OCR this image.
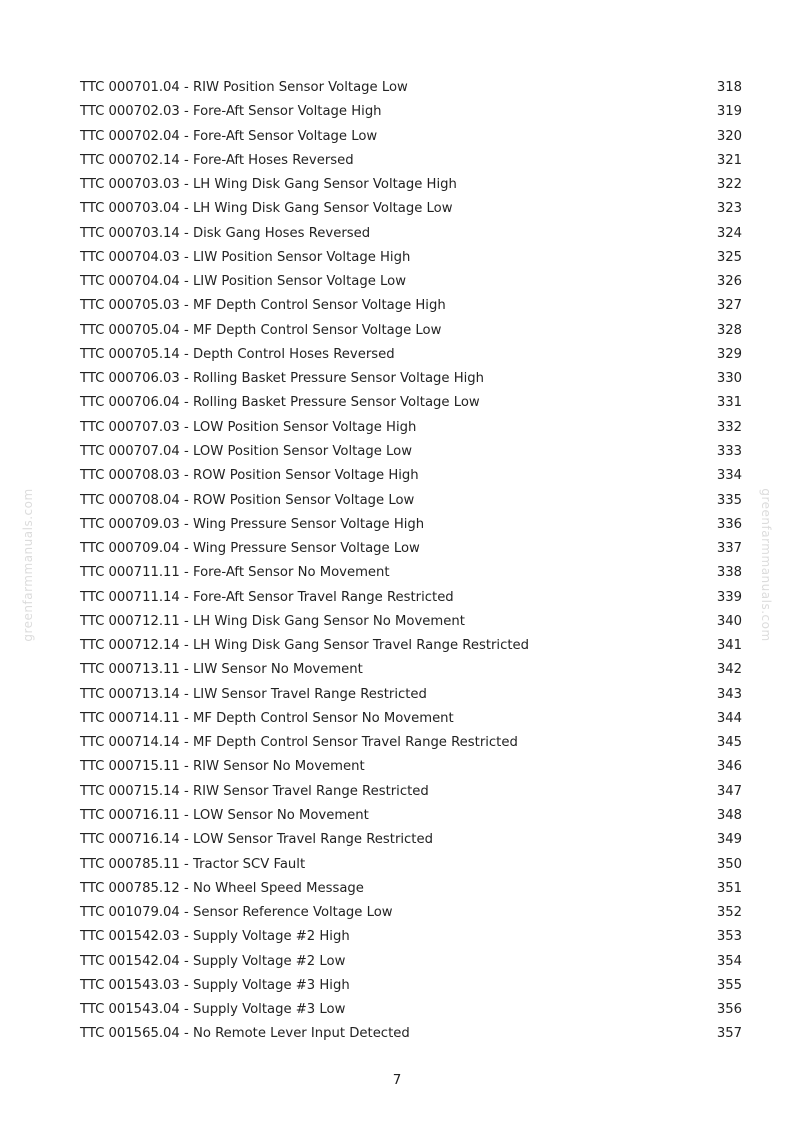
greenfarmmanuals.com	greenfarmmanuals.com
TTC 000701.04 - RIW Position Sensor Voltage Low	318
TTC 000702.03 - Fore-Aft Sensor Voltage High	319
TTC 000702.04 - Fore-Aft Sensor Voltage Low	320
TTC 000702.14 - Fore-Aft Hoses Reversed	321
TTC 000703.03 - LH Wing Disk Gang Sensor Voltage High	322
TTC 000703.04 - LH Wing Disk Gang Sensor Voltage Low	323
TTC 000703.14 - Disk Gang Hoses Reversed	324
TTC 000704.03 - LIW Position Sensor Voltage High	325
TTC 000704.04 - LIW Position Sensor Voltage Low	326
TTC 000705.03 - MF Depth Control Sensor Voltage High	327
TTC 000705.04 - MF Depth Control Sensor Voltage Low	328
TTC 000705.14 - Depth Control Hoses Reversed	329
TTC 000706.03 - Rolling Basket Pressure Sensor Voltage High	330
TTC 000706.04 - Rolling Basket Pressure Sensor Voltage Low	331
TTC 000707.03 - LOW Position Sensor Voltage High	332
TTC 000707.04 - LOW Position Sensor Voltage Low	333
TTC 000708.03 - ROW Position Sensor Voltage High	334
TTC 000708.04 - ROW Position Sensor Voltage Low	335
TTC 000709.03 - Wing Pressure Sensor Voltage High	336
TTC 000709.04 - Wing Pressure Sensor Voltage Low	337
TTC 000711.11 - Fore-Aft Sensor No Movement	338
TTC 000711.14 - Fore-Aft Sensor Travel Range Restricted	339
TTC 000712.11 - LH Wing Disk Gang Sensor No Movement	340
TTC 000712.14 - LH Wing Disk Gang Sensor Travel Range Restricted	341
TTC 000713.11 - LIW Sensor No Movement	342
TTC 000713.14 - LIW Sensor Travel Range Restricted	343
TTC 000714.11 - MF Depth Control Sensor No Movement	344
TTC 000714.14 - MF Depth Control Sensor Travel Range Restricted	345
TTC 000715.11 - RIW Sensor No Movement	346
TTC 000715.14 - RIW Sensor Travel Range Restricted	347
TTC 000716.11 - LOW Sensor No Movement	348
TTC 000716.14 - LOW Sensor Travel Range Restricted	349
TTC 000785.11 - Tractor SCV Fault	350
TTC 000785.12 - No Wheel Speed Message	351
TTC 001079.04 - Sensor Reference Voltage Low	352
TTC 001542.03 - Supply Voltage #2 High	353
TTC 001542.04 - Supply Voltage #2 Low	354
TTC 001543.03 - Supply Voltage #3 High	355
TTC 001543.04 - Supply Voltage #3 Low	356
TTC 001565.04 - No Remote Lever Input Detected	357
7
